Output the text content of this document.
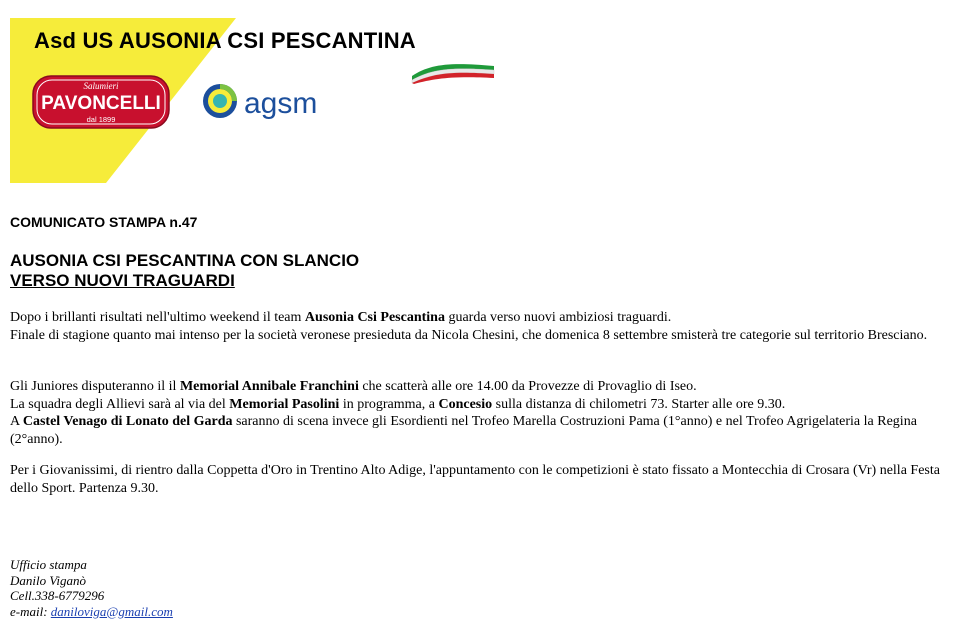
Asd US AUSONIA CSI PESCANTINA
Salumieri
PAVONCELLI
dal 1899	agsm
COMUNICATO STAMPA n.47
AUSONIA CSI PESCANTINA CON SLANCIO
VERSO NUOVI TRAGUARDI
Dopo i brillanti risultati nell'ultimo weekend il team Ausonia Csi Pescantina guarda verso nuovi ambiziosi traguardi.
Finale di stagione quanto mai intenso per la società veronese presieduta da Nicola Chesini, che domenica 8 settembre smisterà tre categorie sul territorio Bresciano.
Gli Juniores disputeranno il il Memorial Annibale Franchini che scatterà alle ore 14.00 da Provezze di Provaglio di Iseo.
La squadra degli Allievi sarà al via del Memorial Pasolini in programma, a Concesio sulla distanza di chilometri 73. Starter alle ore 9.30.
A Castel Venago di Lonato del Garda saranno di scena invece gli Esordienti nel Trofeo Marella Costruzioni Pama (1°anno) e nel Trofeo Agrigelateria la Regina (2°anno).
Per i Giovanissimi, di rientro dalla Coppetta d'Oro in Trentino Alto Adige, l'appuntamento con le competizioni è stato fissato a Montecchia di Crosara (Vr) nella Festa dello Sport. Partenza 9.30.
Ufficio stampa
Danilo Viganò
Cell.338-6779296
e-mail: daniloviga@gmail.com
